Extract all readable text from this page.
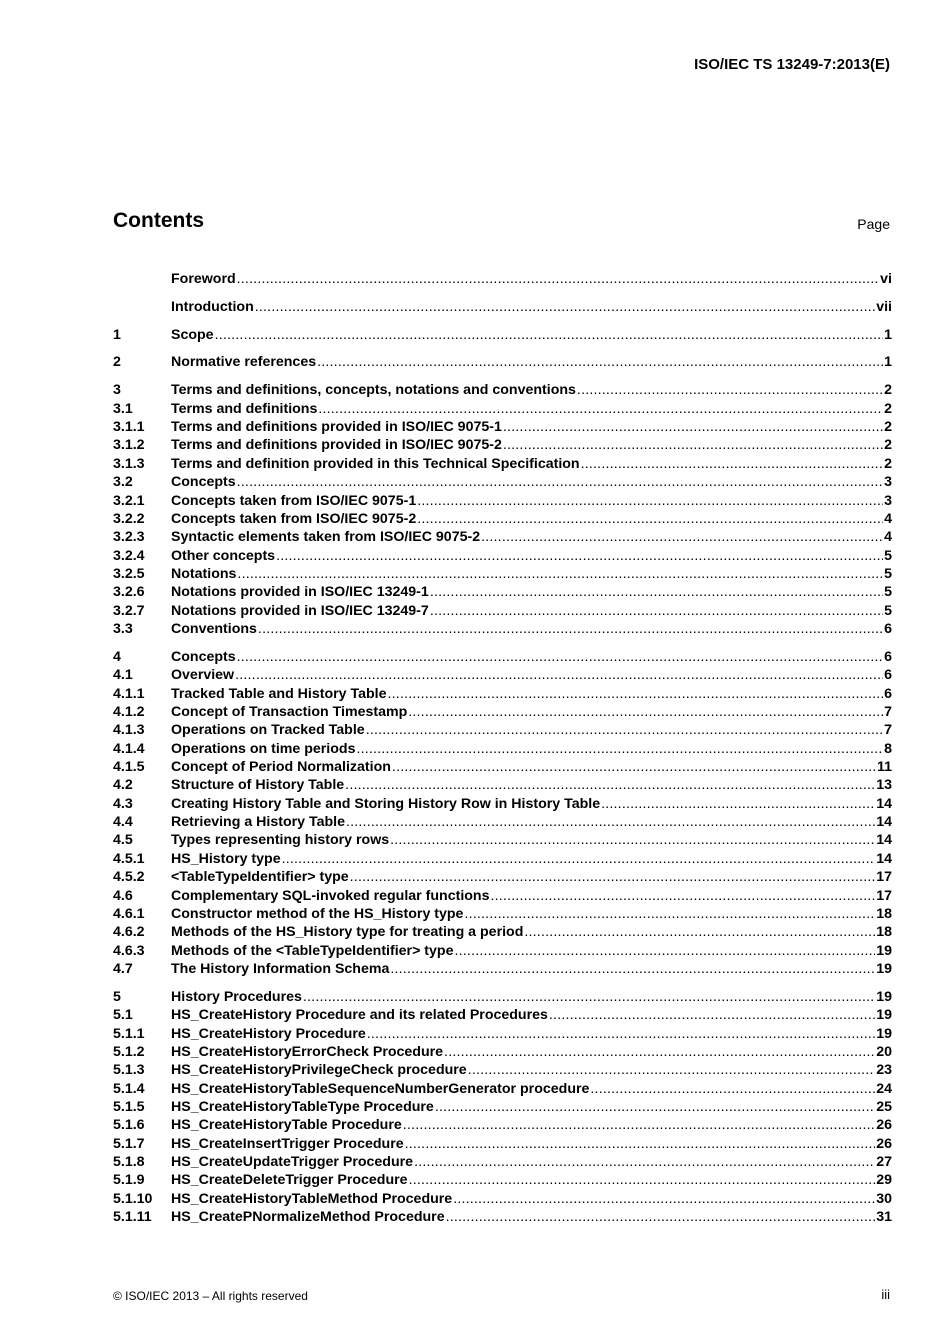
ISO/IEC TS 13249-7:2013(E)
Contents	Page
Foreword .....	vi
Introduction .....	vii
1	Scope .....	1
2	Normative references .....	1
3	Terms and definitions, concepts, notations and conventions .....	2
3.1	Terms and definitions .....	2
3.1.1	Terms and definitions provided in ISO/IEC 9075-1 .....	2
3.1.2	Terms and definitions provided in ISO/IEC 9075-2 .....	2
3.1.3	Terms and definition provided in this Technical Specification .....	2
3.2	Concepts .....	3
3.2.1	Concepts taken from ISO/IEC 9075-1 .....	3
3.2.2	Concepts taken from ISO/IEC 9075-2 .....	4
3.2.3	Syntactic elements taken from ISO/IEC 9075-2 .....	4
3.2.4	Other concepts .....	5
3.2.5	Notations .....	5
3.2.6	Notations provided in ISO/IEC 13249-1 .....	5
3.2.7	Notations provided in ISO/IEC 13249-7 .....	5
3.3	Conventions .....	6
4	Concepts .....	6
4.1	Overview .....	6
4.1.1	Tracked Table and History Table .....	6
4.1.2	Concept of Transaction Timestamp .....	7
4.1.3	Operations on Tracked Table .....	7
4.1.4	Operations on time periods .....	8
4.1.5	Concept of Period Normalization .....	11
4.2	Structure of History Table .....	13
4.3	Creating History Table and Storing History Row in History Table .....	14
4.4	Retrieving a History Table .....	14
4.5	Types representing history rows .....	14
4.5.1	HS_History type .....	14
4.5.2	<TableTypeIdentifier> type .....	17
4.6	Complementary SQL-invoked regular functions .....	17
4.6.1	Constructor method of the HS_History type .....	18
4.6.2	Methods of the HS_History type for treating a period .....	18
4.6.3	Methods of the <TableTypeIdentifier> type .....	19
4.7	The History Information Schema .....	19
5	History Procedures .....	19
5.1	HS_CreateHistory Procedure and its related Procedures .....	19
5.1.1	HS_CreateHistory Procedure .....	19
5.1.2	HS_CreateHistoryErrorCheck Procedure .....	20
5.1.3	HS_CreateHistoryPrivilegeCheck procedure .....	23
5.1.4	HS_CreateHistoryTableSequenceNumberGenerator procedure .....	24
5.1.5	HS_CreateHistoryTableType Procedure .....	25
5.1.6	HS_CreateHistoryTable Procedure .....	26
5.1.7	HS_CreateInsertTrigger Procedure .....	26
5.1.8	HS_CreateUpdateTrigger Procedure .....	27
5.1.9	HS_CreateDeleteTrigger Procedure .....	29
5.1.10	HS_CreateHistoryTableMethod Procedure .....	30
5.1.11	HS_CreatePNormalizeMethod Procedure .....	31
© ISO/IEC 2013 – All rights reserved	iii
